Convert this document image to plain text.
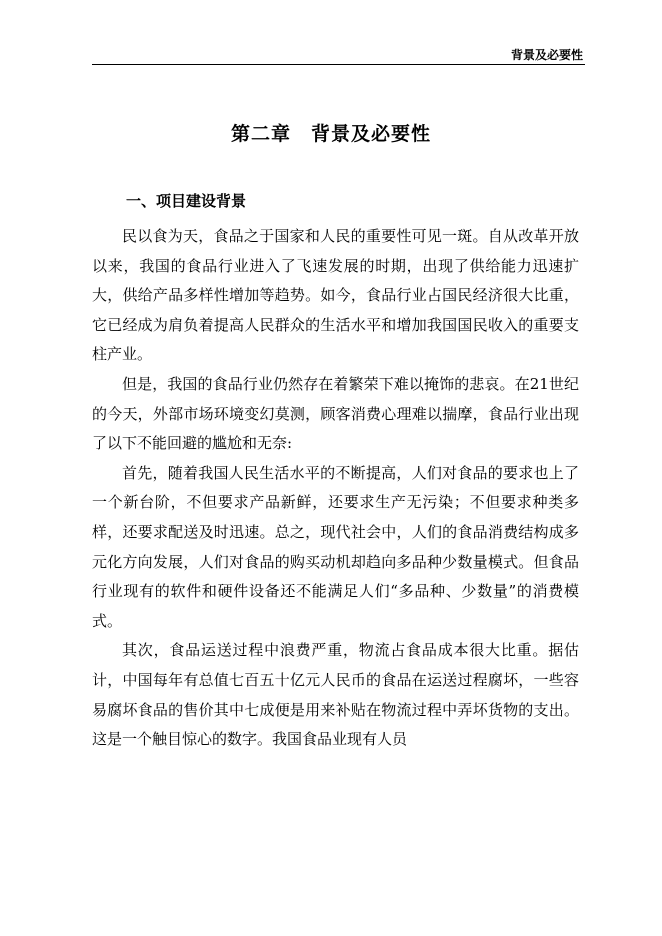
背景及必要性
第二章　背景及必要性
一、项目建设背景

民以食为天，食品之于国家和人民的重要性可见一斑。自从改革开放以来，我国的食品行业进入了飞速发展的时期，出现了供给能力迅速扩大，供给产品多样性增加等趋势。如今，食品行业占国民经济很大比重，它已经成为肩负着提高人民群众的生活水平和增加我国国民收入的重要支柱产业。

但是，我国的食品行业仍然存在着繁荣下难以掩饰的悲哀。在21世纪的今天，外部市场环境变幻莫测，顾客消费心理难以揣摩，食品行业出现了以下不能回避的尴尬和无奈:

首先，随着我国人民生活水平的不断提高，人们对食品的要求也上了一个新台阶，不但要求产品新鲜，还要求生产无污染；不但要求种类多样，还要求配送及时迅速。总之，现代社会中，人们的食品消费结构成多元化方向发展，人们对食品的购买动机却趋向多品种少数量模式。但食品行业现有的软件和硬件设备还不能满足人们“多品种、少数量”的消费模式。

其次，食品运送过程中浪费严重，物流占食品成本很大比重。据估计，中国每年有总值七百五十亿元人民币的食品在运送过程腐坏，一些容易腐坏食品的售价其中七成便是用来补贴在物流过程中弄坏货物的支出。这是一个触目惊心的数字。我国食品业现有人员
